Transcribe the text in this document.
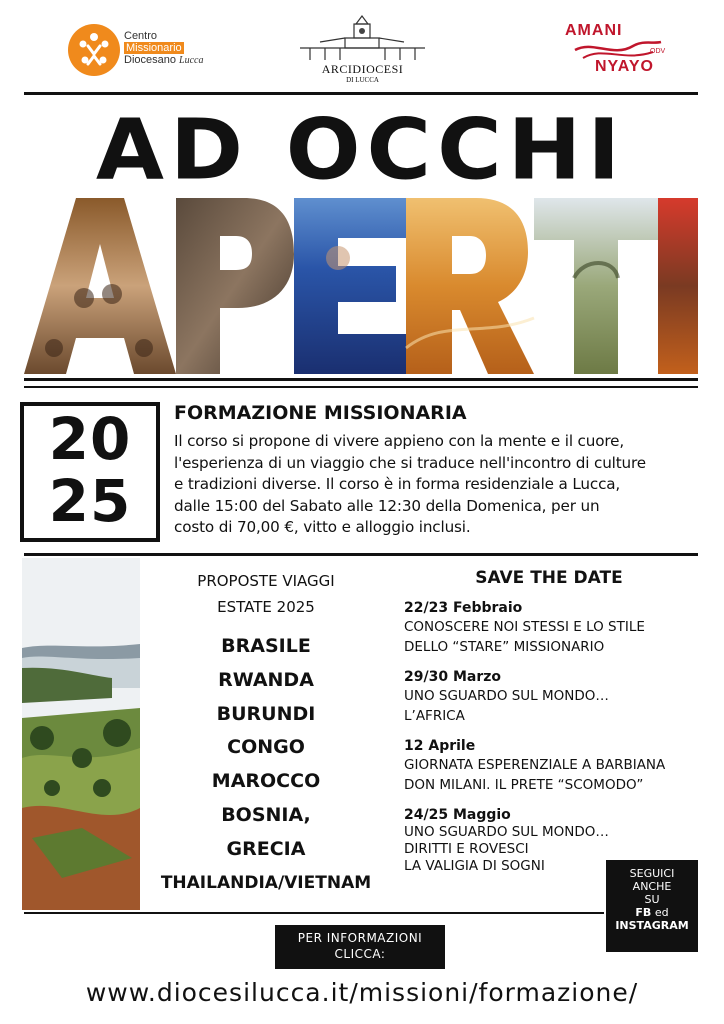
Centro
Missionario
Diocesano Lucca
ARCIDIOCESI
DI LUCCA
AMANI
ODV
NYAYO
AD OCCHI
20
25
FORMAZIONE MISSIONARIA
Il corso si propone di vivere appieno con la mente e il cuore,
l'esperienza di un viaggio che si traduce nell'incontro di culture
e tradizioni diverse. Il corso è in forma residenziale a Lucca,
dalle 15:00 del Sabato alle 12:30 della Domenica, per un
costo di 70,00 €, vitto e alloggio inclusi.
PROPOSTE VIAGGI
ESTATE 2025
BRASILE
RWANDA
BURUNDI
CONGO
MAROCCO
BOSNIA,
GRECIA
THAILANDIA/VIETNAM
SAVE THE DATE
22/23 Febbraio
CONOSCERE NOI STESSI E LO STILE
DELLO “STARE” MISSIONARIO
29/30 Marzo
UNO SGUARDO SUL MONDO…
L’AFRICA
12 Aprile
GIORNATA ESPERENZIALE A BARBIANA
DON MILANI. IL PRETE “SCOMODO”
24/25 Maggio
UNO SGUARDO SUL MONDO…
DIRITTI E ROVESCI
LA VALIGIA DI SOGNI	SEGUICI
ANCHE
SU
FB ed
INSTAGRAM
PER INFORMAZIONI
CLICCA:
www.diocesilucca.it/missioni/formazione/
